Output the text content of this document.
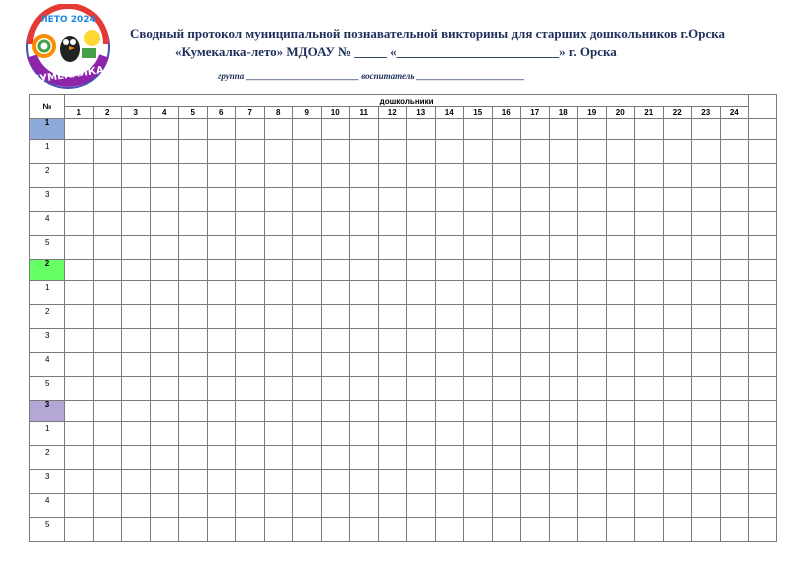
ЛЕТО 2024
КУМЕКАЛКА
Сводный протокол муниципальной познавательной викторины для старших дошкольников г.Орска
«Кумекалка-лето» МДОАУ № _____ «_________________________» г. Орска
группа _________________________ воспитатель ________________________
№	дошкольники																								
	1	2	3	4	5	6	7	8	9	10	11	12	13	14	15	16	17	18	19	20	21	22	23	24	
1																									
1																									
2																									
3																									
4																									
5																									
2																									
1																									
2																									
3																									
4																									
5																									
3																									
1																									
2																									
3																									
4																									
5																									
